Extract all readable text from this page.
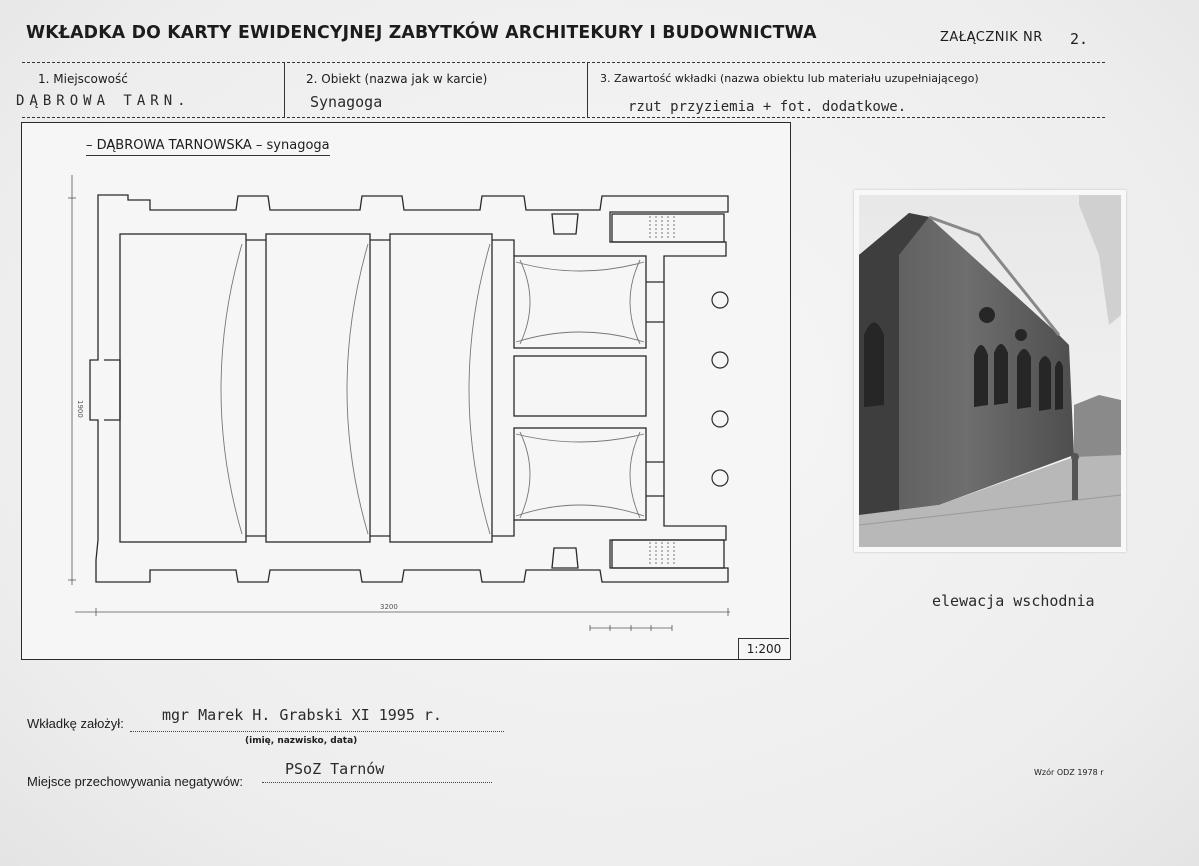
WKŁADKA DO KARTY EWIDENCYJNEJ ZABYTKÓW ARCHITEKURY I BUDOWNICTWA	ZAŁĄCZNIK NR 2.
1. Miejscowość	2. Obiekt (nazwa jak w karcie)	3. Zawartość wkładki (nazwa obiektu lub materiału uzupełniającego)
DĄBROWA TARN.	Synagoga	rzut przyziemia + fot. dodatkowe.
– DĄBROWA TARNOWSKA – synagoga
3200
1900
1:200
elewacja wschodnia
Wkładkę założył:	mgr Marek H. Grabski XI 1995 r.
(imię, nazwisko, data)
Miejsce przechowywania negatywów:
PSoZ Tarnów	Wzór ODZ 1978 r
